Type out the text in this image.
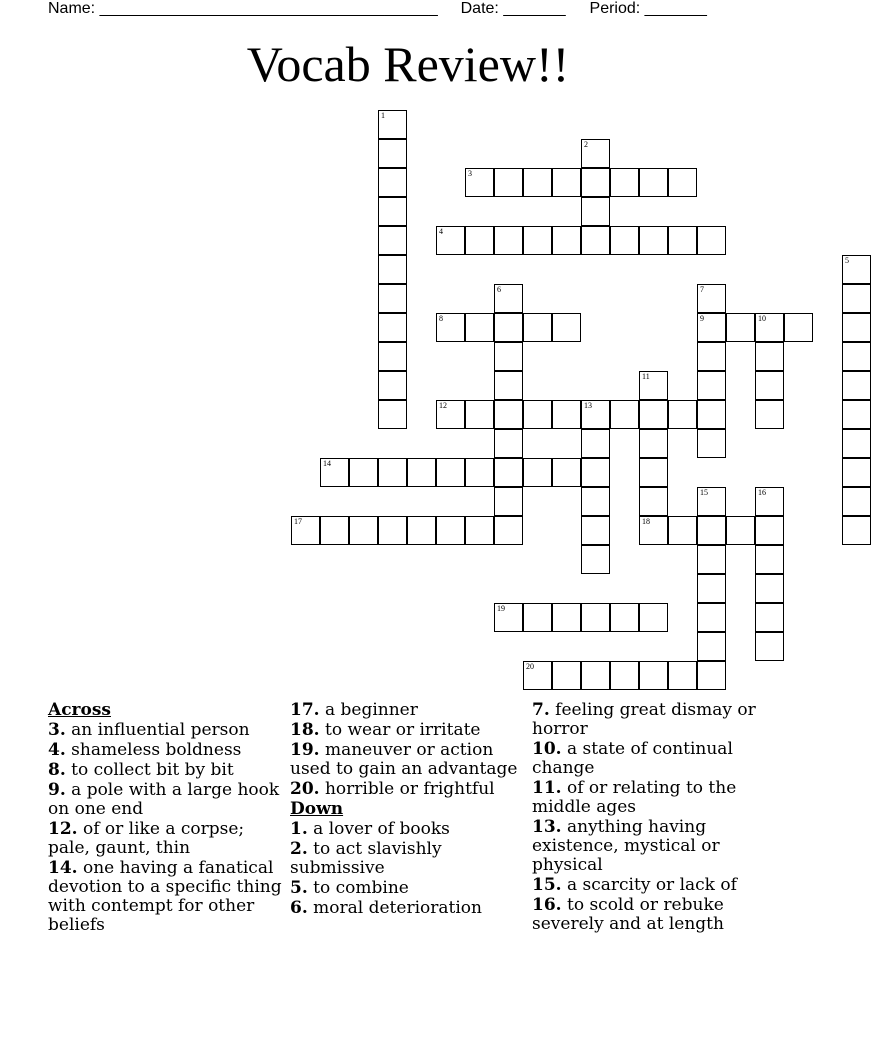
Name: ______________________________________ Date: _______ Period: _______
Vocab Review!!
1
2
3
4
5
6	7
9
8	10
11
12	13
14
15	16
17	18
19
20
Across
3. an influential person
4. shameless boldness
8. to collect bit by bit
9. a pole with a large hook on one end
12. of or like a corpse; pale, gaunt, thin
14. one having a fanatical devotion to a specific thing with contempt for other beliefs
17. a beginner
18. to wear or irritate
19. maneuver or action used to gain an advantage
20. horrible or frightful
Down
1. a lover of books
2. to act slavishly submissive
5. to combine
6. moral deterioration
7. feeling great dismay or horror
10. a state of continual change
11. of or relating to the middle ages
13. anything having existence, mystical or physical
15. a scarcity or lack of
16. to scold or rebuke severely and at length
